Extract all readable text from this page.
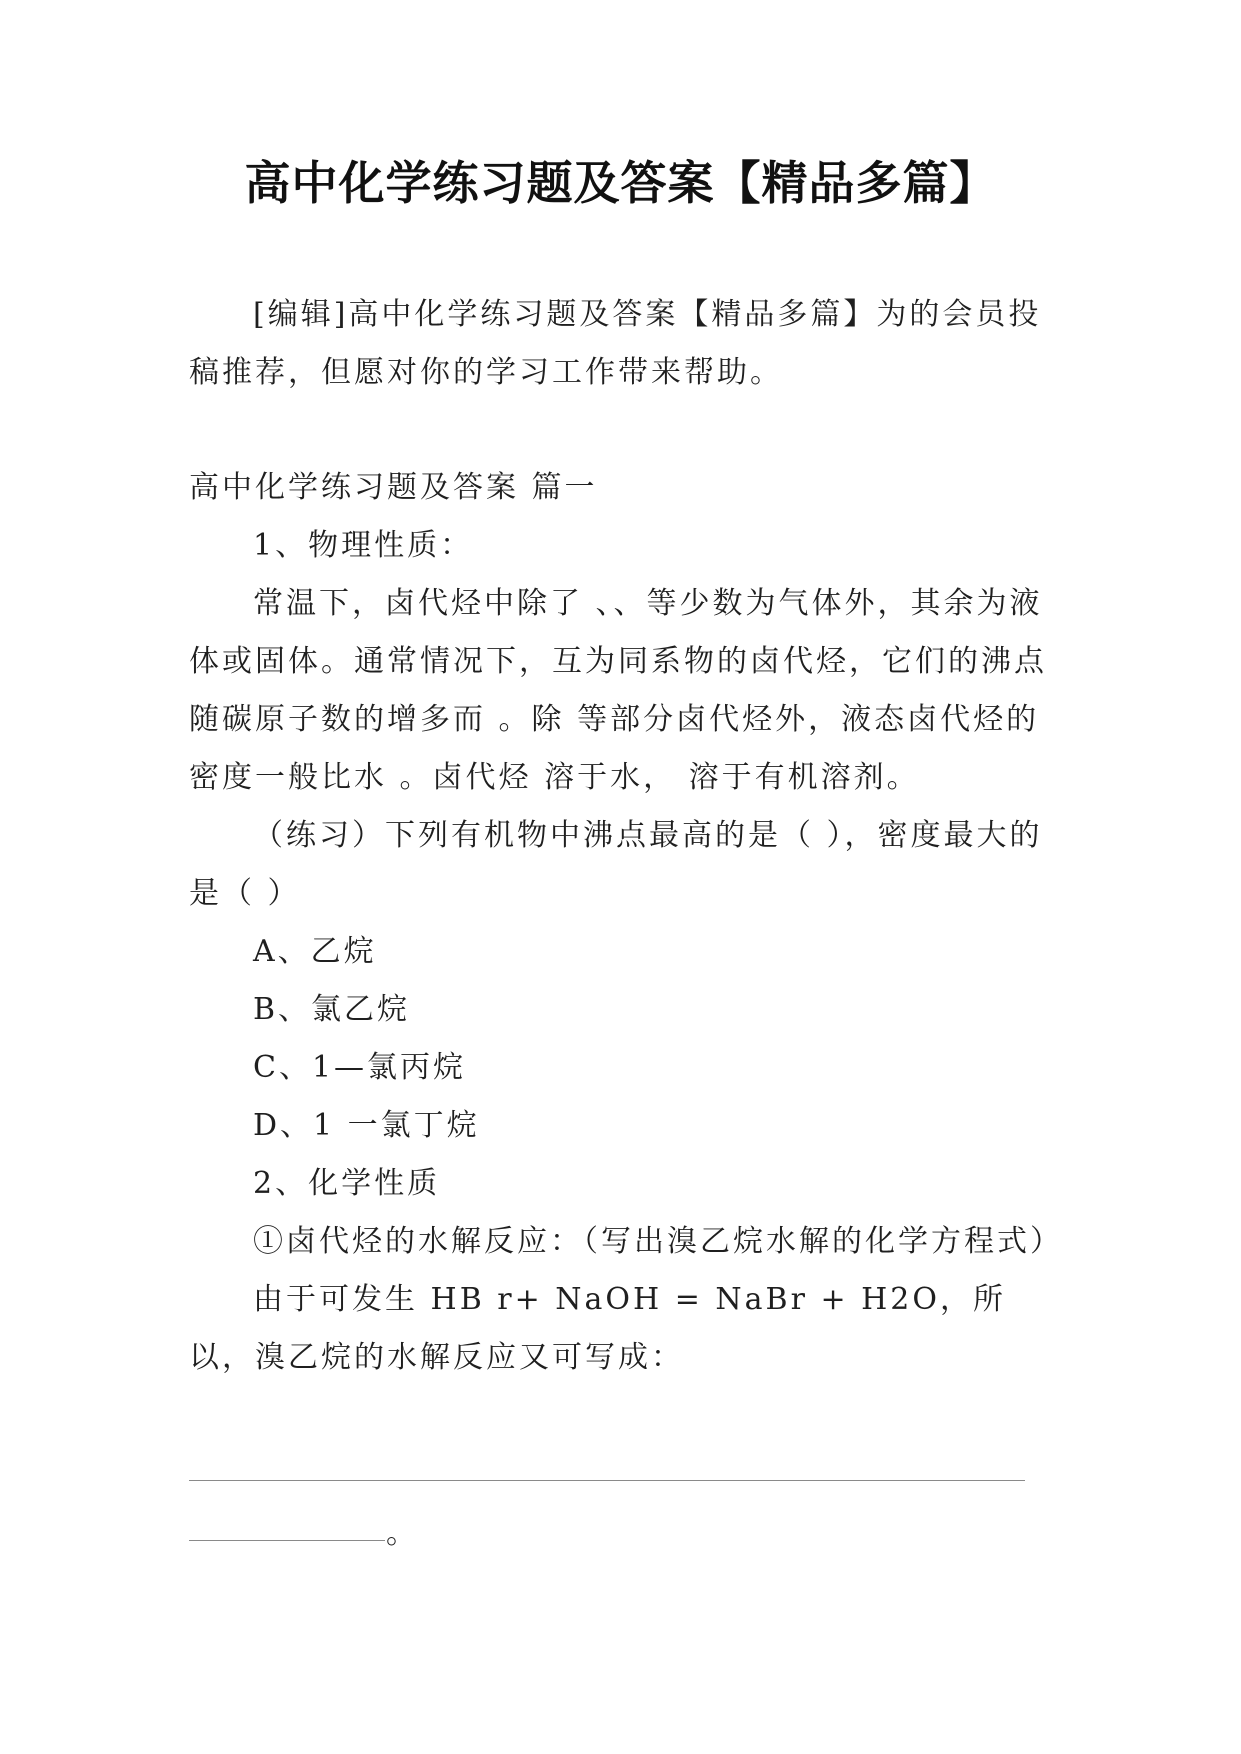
高中化学练习题及答案【精品多篇】

[编辑]高中化学练习题及答案【精品多篇】为的会员投稿推荐，但愿对你的学习工作带来帮助。

高中化学练习题及答案 篇一

1、物理性质：

常温下，卤代烃中除了 、、等少数为气体外，其余为液体或固体。通常情况下，互为同系物的卤代烃，它们的沸点随碳原子数的增多而 。除 等部分卤代烃外，液态卤代烃的密度一般比水 。卤代烃 溶于水， 溶于有机溶剂。

（练习）下列有机物中沸点最高的是（ ），密度最大的是（ ）

A、乙烷

B、氯乙烷

C、1—氯丙烷

D、1 一氯丁烷

2、化学性质

①卤代烃的水解反应：（写出溴乙烷水解的化学方程式）

由于可发生 HB r+ NaOH = NaBr + H2O，所以，溴乙烷的水解反应又可写成：

。
